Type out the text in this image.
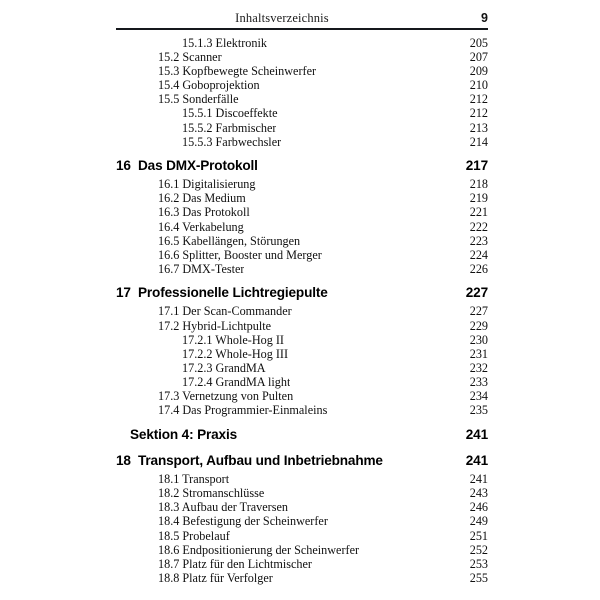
Inhaltsverzeichnis	9
15.1.3 Elektronik	205
15.2 Scanner	207
15.3 Kopfbewegte Scheinwerfer	209
15.4 Goboprojektion	210
15.5 Sonderfälle	212
15.5.1 Discoeffekte	212
15.5.2 Farbmischer	213
15.5.3 Farbwechsler	214
16 Das DMX-Protokoll	217
16.1 Digitalisierung	218
16.2 Das Medium	219
16.3 Das Protokoll	221
16.4 Verkabelung	222
16.5 Kabellängen, Störungen	223
16.6 Splitter, Booster und Merger	224
16.7 DMX-Tester	226
17 Professionelle Lichtregiepulte	227
17.1 Der Scan-Commander	227
17.2 Hybrid-Lichtpulte	229
17.2.1 Whole-Hog II	230
17.2.2 Whole-Hog III	231
17.2.3 GrandMA	232
17.2.4 GrandMA light	233
17.3 Vernetzung von Pulten	234
17.4 Das Programmier-Einmaleins	235
Sektion 4: Praxis	241
18 Transport, Aufbau und Inbetriebnahme	241
18.1 Transport	241
18.2 Stromanschlüsse	243
18.3 Aufbau der Traversen	246
18.4 Befestigung der Scheinwerfer	249
18.5 Probelauf	251
18.6 Endpositionierung der Scheinwerfer	252
18.7 Platz für den Lichtmischer	253
18.8 Platz für Verfolger	255
